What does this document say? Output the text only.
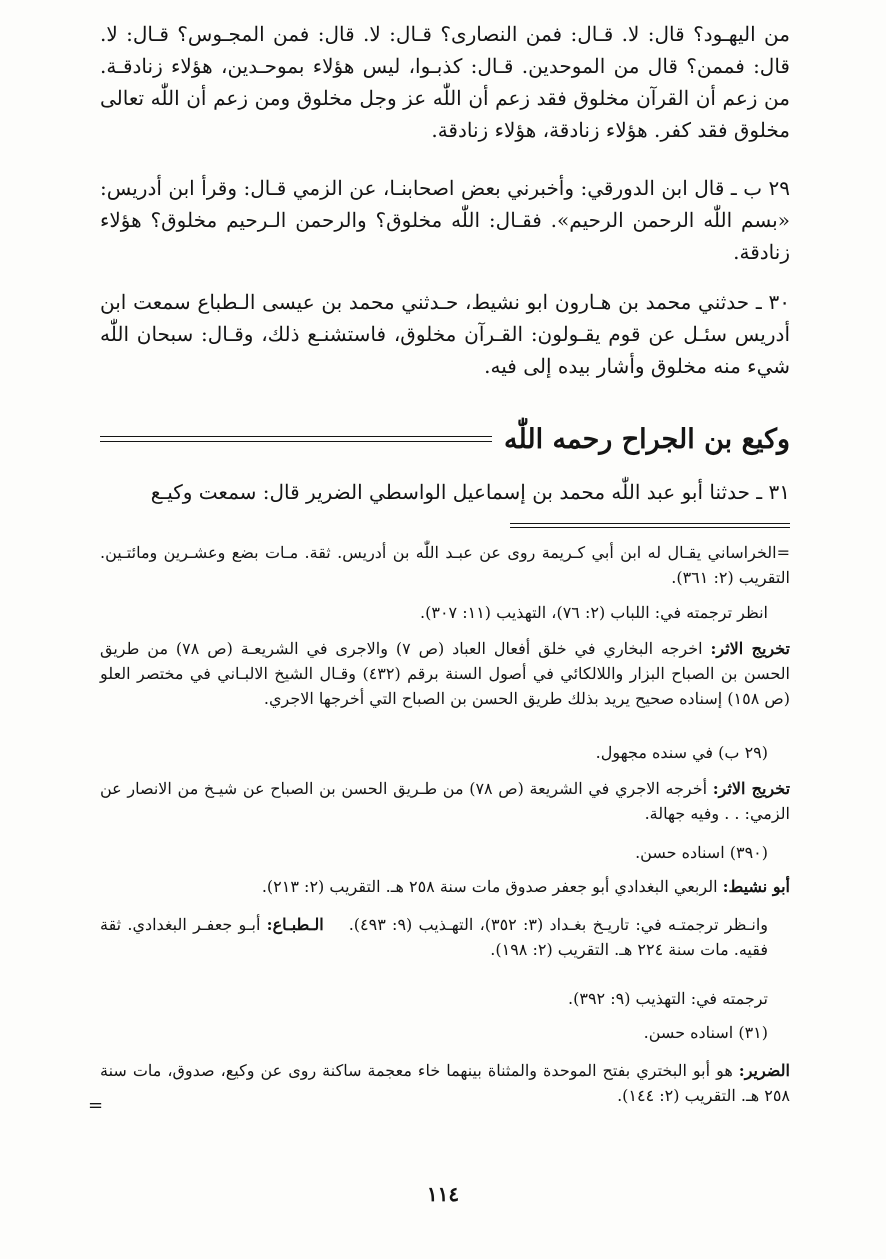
من اليهـود؟ قال: لا. قـال: فمن النصارى؟ قـال: لا. قال: فمن المجـوس؟ قـال: لا. قال: فممن؟ قال من الموحدين. قـال: كذبـوا، ليس هؤلاء بموحـدين، هؤلاء زنادقـة. من زعم أن القرآن مخلوق فقد زعم أن اللّٰه عز وجل مخلوق ومن زعم أن اللّٰه تعالى مخلوق فقد كفر. هؤلاء زنادقة، هؤلاء زنادقة.

٢٩ ب ـ قال ابن الدورقي: وأخبرني بعض اصحابنـا، عن الزمي قـال: وقرأ ابن أدريس: «بسم اللّٰه الرحمن الرحيم». فقـال: اللّٰه مخلوق؟ والرحمن الـرحيم مخلوق؟ هؤلاء زنادقة.

٣٠ ـ حدثني محمد بن هـارون ابو نشيط، حـدثني محمد بن عيسى الـطباع سمعت ابن أدريس سئـل عن قوم يقـولون: القـرآن مخلوق، فاستشنـع ذلك، وقـال: سبحان اللّٰه شيء منه مخلوق وأشار بيده إلى فيه.

وكيع بن الجراح رحمه اللّٰه

٣١ ـ حدثنا أبو عبد اللّٰه محمد بن إسماعيل الواسطي الضرير قال: سمعت وكيـع

=الخراساني يقـال له ابن أبي كـريمة روى عن عبـد اللّٰه بن أدريس. ثقة. مـات بضع وعشـرين ومائتـين. التقريب (٢: ٣٦١).

انظر ترجمته في: اللباب (٢: ٧٦)، التهذيب (١١: ٣٠٧).

تخريج الاثر: اخرجه البخاري في خلق أفعال العباد (ص ٧) والاجرى في الشريعـة (ص ٧٨) من طريق الحسن بن الصباح البزار واللالكائي في أصول السنة برقم (٤٣٢) وقـال الشيخ الالبـاني في مختصر العلو (ص ١٥٨) إسناده صحيح يريد بذلك طريق الحسن بن الصباح التي أخرجها الاجري.

(٢٩ ب) في سنده مجهول.

تخريج الاثر: أخرجه الاجري في الشريعة (ص ٧٨) من طـريق الحسن بن الصباح عن شيـخ من الانصار عن الزمي: . . وفيه جهالة.

(٣٩٠) اسناده حسن.

أبو نشيط: الربعي البغدادي أبو جعفر صدوق مات سنة ٢٥٨ هـ. التقريب (٢: ٢١٣).

وانـظر ترجمتـه في: تاريـخ بغـداد (٣: ٣٥٢)، التهـذيب (٩: ٤٩٣).    الـطبـاع: أبـو جعفـر البغدادي. ثقة فقيه. مات سنة ٢٢٤ هـ. التقريب (٢: ١٩٨).

ترجمته في: التهذيب (٩: ٣٩٢).

(٣١) اسناده حسن.

الضرير: هو أبو البختري بفتح الموحدة والمثناة بينهما خاء معجمة ساكنة روى عن وكيع، صدوق، مات سنة ٢٥٨ هـ. التقريب (٢: ١٤٤).

=
١١٤
